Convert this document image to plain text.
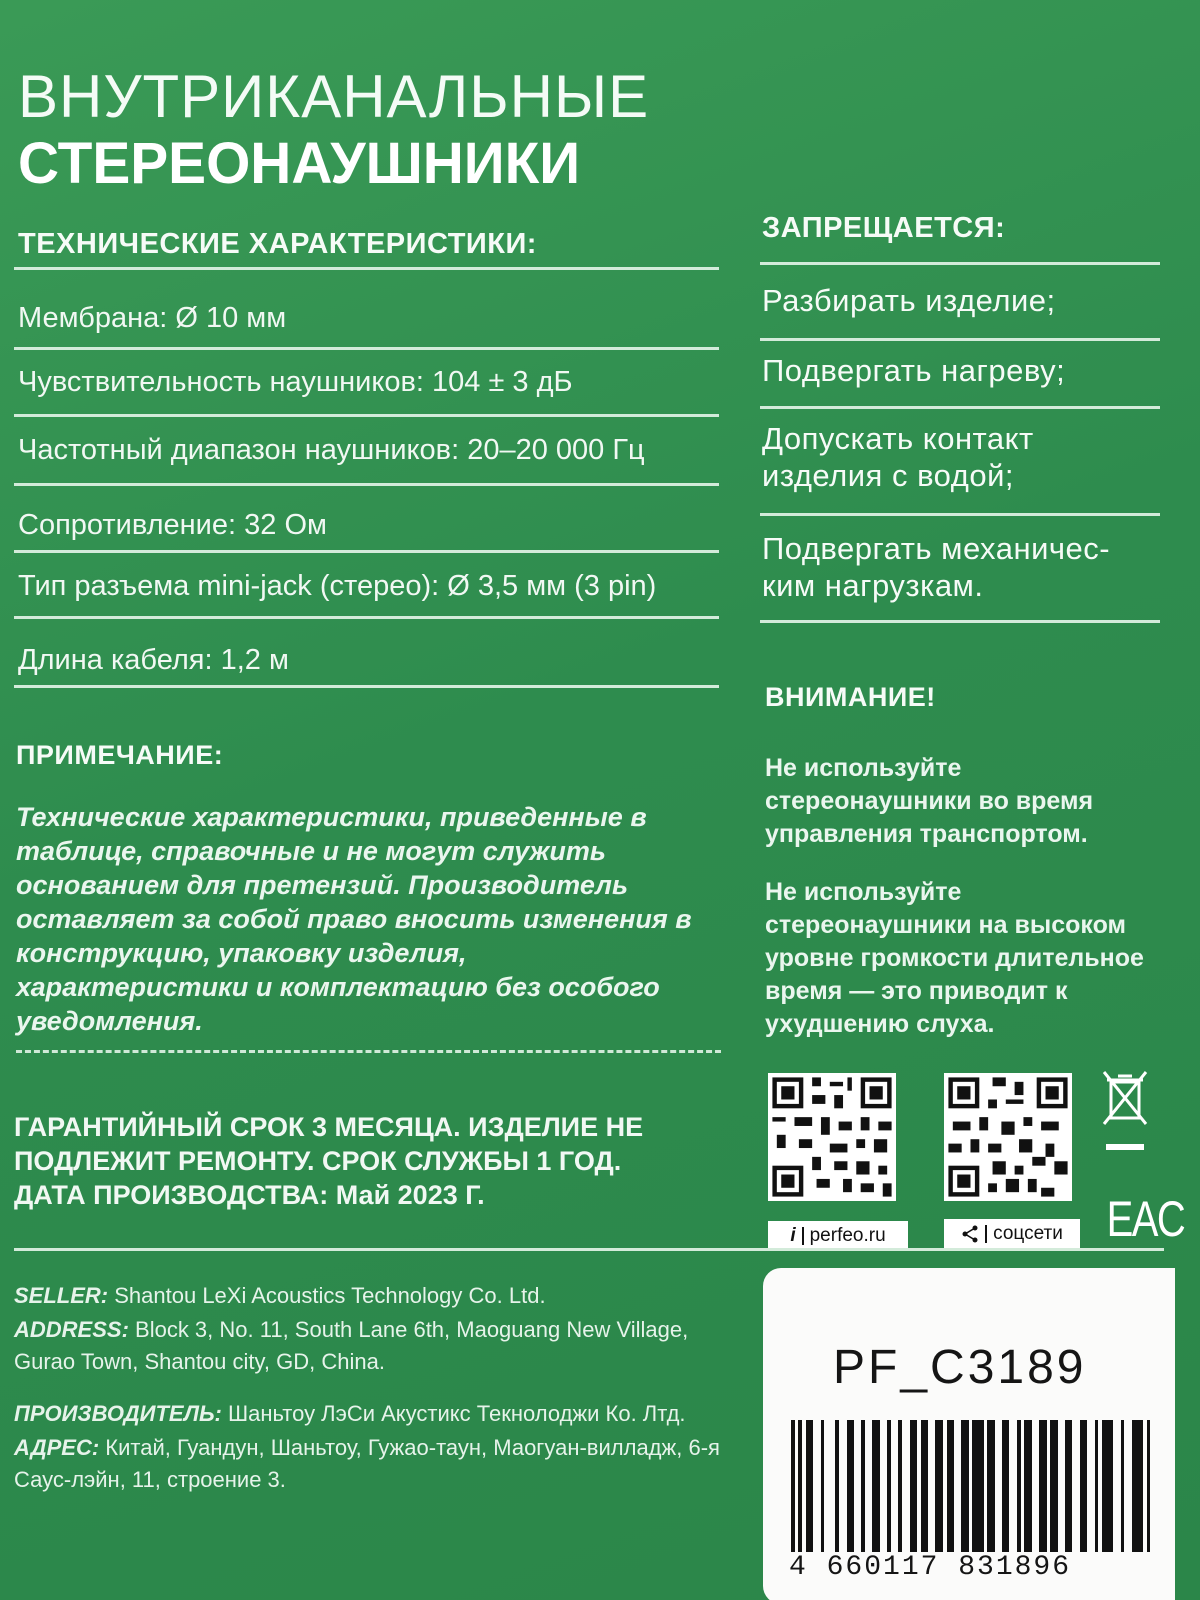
ВНУТРИКАНАЛЬНЫЕ
СТЕРЕОНАУШНИКИ
ТЕХНИЧЕСКИЕ ХАРАКТЕРИСТИКИ:
Мембрана: Ø 10 мм
Чувствительность наушников: 104 ± 3 дБ
Частотный диапазон наушников: 20–20 000 Гц
Сопротивление: 32 Ом
Тип разъема mini-jack (стерео): Ø 3,5 мм (3 pin)
Длина кабеля: 1,2 м
ЗАПРЕЩАЕТСЯ:
Разбирать изделие;
Подвергать нагреву;
Допускать контакт изделия с водой;
Подвергать механичес-ким нагрузкам.
ПРИМЕЧАНИЕ:
Технические характеристики, приведенные в таблице, справочные и не могут служить основанием для претензий. Производитель оставляет за собой право вносить изменения в конструкцию, упаковку изделия, характеристики и комплектацию без особого уведомления.
ВНИМАНИЕ!
Не используйте стереонаушники во время управления транспортом.
Не используйте стереонаушники на высоком уровне громкости длительное время — это приводит к ухудшению слуха.
ГАРАНТИЙНЫЙ СРОК 3 МЕСЯЦА. ИЗДЕЛИЕ НЕ
ПОДЛЕЖИТ РЕМОНТУ. СРОК СЛУЖБЫ 1 ГОД.
ДАТА ПРОИЗВОДСТВА: Май 2023 Г.
i perfeo.ru	соцсети EAC
SELLER: Shantou LeXi Acoustics Technology Co. Ltd.
ADDRESS: Block 3, No. 11, South Lane 6th, Maoguang New Village, Gurao Town, Shantou city, GD, China.
ПРОИЗВОДИТЕЛЬ: Шаньтоу ЛэСи Акустикс Текнолоджи Ко. Лтд.
АДРЕС: Китай, Гуандун, Шаньтоу, Гужао-таун, Маогуан-вилладж, 6-я Саус-лэйн, 11, строение 3.
PF_C3189
4 660117 831896
